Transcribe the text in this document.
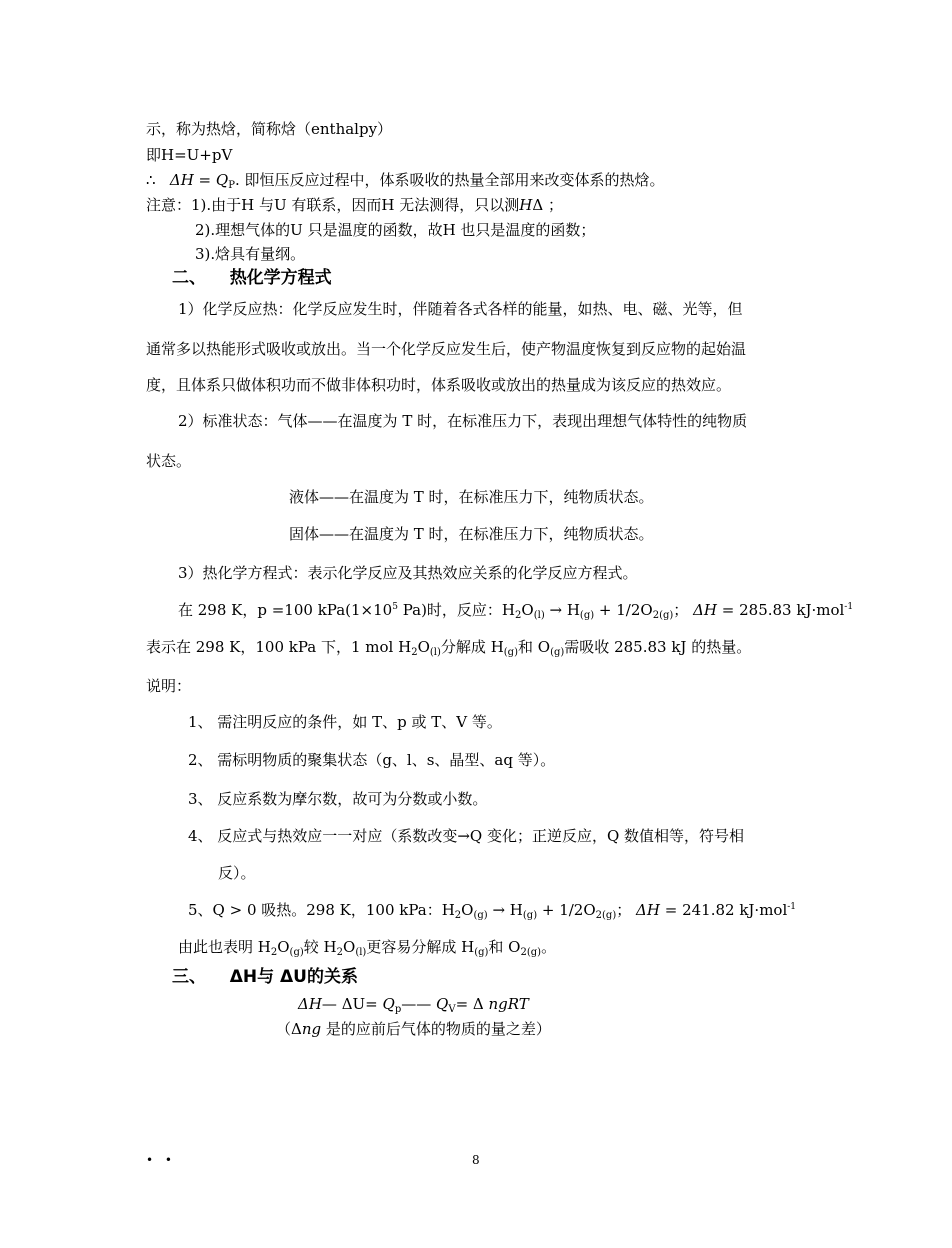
示，称为热焓，简称焓（enthalpy）
即H=U+pV
∴ $\Delta H = Q_P$. 即恒压反应过程中，体系吸收的热量全部用来改变体系的热焓。
注意：1).由于H 与U 有联系，因而H 无法测得，只以测HΔ ；
2).理想气体的U 只是温度的函数，故H 也只是温度的函数；
3).焓具有量纲。
二、 热化学方程式
1）化学反应热：化学反应发生时，伴随着各式各样的能量，如热、电、磁、光等，但
通常多以热能形式吸收或放出。当一个化学反应发生后，使产物温度恢复到反应物的起始温
度，且体系只做体积功而不做非体积功时，体系吸收或放出的热量成为该反应的热效应。
2）标准状态：气体——在温度为 T 时，在标准压力下，表现出理想气体特性的纯物质
状态。
液体——在温度为 T 时，在标准压力下，纯物质状态。
固体——在温度为 T 时，在标准压力下，纯物质状态。
3）热化学方程式：表示化学反应及其热效应关系的化学反应方程式。
在 298 K，p =100 $kPa(1\times 10^5$ Pa)时，反应：$H_2O_{(l)} \to H_{(g)} + 1/2O_{2(g)}$； ΔH = 285.83 kJ·mol$^{-1}$
表示在 298 K，100 kPa 下，1 mol $H_2O_{(l)}$分解成 $H_{(g)}$和 $O_{(g)}$需吸收 285.83 kJ 的热量。
说明：
1、 需注明反应的条件，如 T、p 或 T、V 等。
2、 需标明物质的聚集状态（g、l、s、晶型、aq 等）。
3、 反应系数为摩尔数，故可为分数或小数。
4、 反应式与热效应一一对应（系数改变→Q 变化；正逆反应，Q 数值相等，符号相
反）。
5、Q > 0 吸热。298 K，100 kPa：$H_2O_{(g)} \to H_{(g)} + 1/2O_{2(g)}$； ΔH = 241.82 kJ·mol$^{-1}$
由此也表明 $H_2O_{(g)}$较 $H_2O_{(l)}$更容易分解成 $H_{(g)}$和 $O_{2(g)}$。
三、 ΔH与 ΔU的关系
ΔH— $\Delta U= Q_p——$ $Q_V= \Delta$ ngRT
（Δng 是的应前后气体的物质的量之差）
• •	8
